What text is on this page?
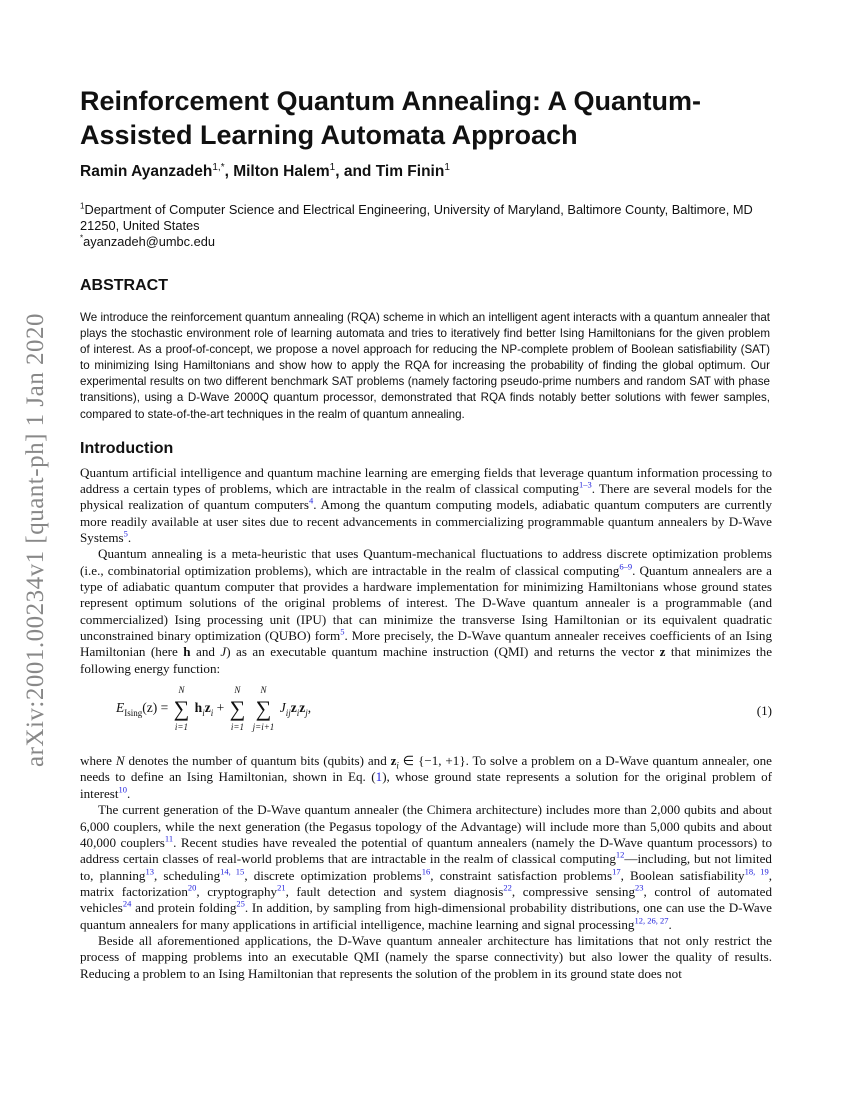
arXiv:2001.00234v1 [quant-ph] 1 Jan 2020
Reinforcement Quantum Annealing: A Quantum-Assisted Learning Automata Approach
Ramin Ayanzadeh$^{1,*}$, Milton Halem$^1$, and Tim Finin$^1$
$^1$Department of Computer Science and Electrical Engineering, University of Maryland, Baltimore County, Baltimore, MD 21250, United States
*ayanzadeh@umbc.edu
ABSTRACT
We introduce the reinforcement quantum annealing (RQA) scheme in which an intelligent agent interacts with a quantum annealer that plays the stochastic environment role of learning automata and tries to iteratively find better Ising Hamiltonians for the given problem of interest. As a proof-of-concept, we propose a novel approach for reducing the NP-complete problem of Boolean satisfiability (SAT) to minimizing Ising Hamiltonians and show how to apply the RQA for increasing the probability of finding the global optimum. Our experimental results on two different benchmark SAT problems (namely factoring pseudo-prime numbers and random SAT with phase transitions), using a D-Wave 2000Q quantum processor, demonstrated that RQA finds notably better solutions with fewer samples, compared to state-of-the-art techniques in the realm of quantum annealing.
Introduction

Quantum artificial intelligence and quantum machine learning are emerging fields that leverage quantum information processing to address a certain types of problems, which are intractable in the realm of classical computing$^{1-3}$. There are several models for the physical realization of quantum computers$^4$. Among the quantum computing models, adiabatic quantum computers are currently more readily available at user sites due to recent advancements in commercializing programmable quantum annealers by D-Wave Systems$^5$.

Quantum annealing is a meta-heuristic that uses Quantum-mechanical fluctuations to address discrete optimization problems (i.e., combinatorial optimization problems), which are intractable in the realm of classical computing$^{6-9}$. Quantum annealers are a type of adiabatic quantum computer that provides a hardware implementation for minimizing Hamiltonians whose ground states represent optimum solutions of the original problems of interest. The D-Wave quantum annealer is a programmable (and commercialized) Ising processing unit (IPU) that can minimize the transverse Ising Hamiltonian or its equivalent quadratic unconstrained binary optimization (QUBO) form$^5$. More precisely, the D-Wave quantum annealer receives coefficients of an Ising Hamiltonian (here h and J) as an executable quantum machine instruction (QMI) and returns the vector z that minimizes the following energy function:

$E_{Ising}(z)$ =
N
∑
i=1
$h_iz_i$ +
N
∑
i=1

N
∑
j=i+1
$J_{ij}z_iz_j$,	(1)

where N denotes the number of quantum bits (qubits) and $z_i$ ∈ {−1, +1}. To solve a problem on a D-Wave quantum annealer, one needs to define an Ising Hamiltonian, shown in Eq. (1), whose ground state represents a solution for the original problem of interest$^{10}$.

The current generation of the D-Wave quantum annealer (the Chimera architecture) includes more than 2,000 qubits and about 6,000 couplers, while the next generation (the Pegasus topology of the Advantage) will include more than 5,000 qubits and about 40,000 couplers$^{11}$. Recent studies have revealed the potential of quantum annealers (namely the D-Wave quantum processors) to address certain classes of real-world problems that are intractable in the realm of classical computing$^{12}$—including, but not limited to, planning$^{13}$, scheduling$^{14, 15}$, discrete optimization problems$^{16}$, constraint satisfaction problems$^{17}$, Boolean satisfiability$^{18, 19}$, matrix factorization$^{20}$, cryptography$^{21}$, fault detection and system diagnosis$^{22}$, compressive sensing$^{23}$, control of automated vehicles$^{24}$ and protein folding$^{25}$. In addition, by sampling from high-dimensional probability distributions, one can use the D-Wave quantum annealers for many applications in artificial intelligence, machine learning and signal processing$^{12, 26, 27}$.

Beside all aforementioned applications, the D-Wave quantum annealer architecture has limitations that not only restrict the process of mapping problems into an executable QMI (namely the sparse connectivity) but also lower the quality of results. Reducing a problem to an Ising Hamiltonian that represents the solution of the problem in its ground state does not
